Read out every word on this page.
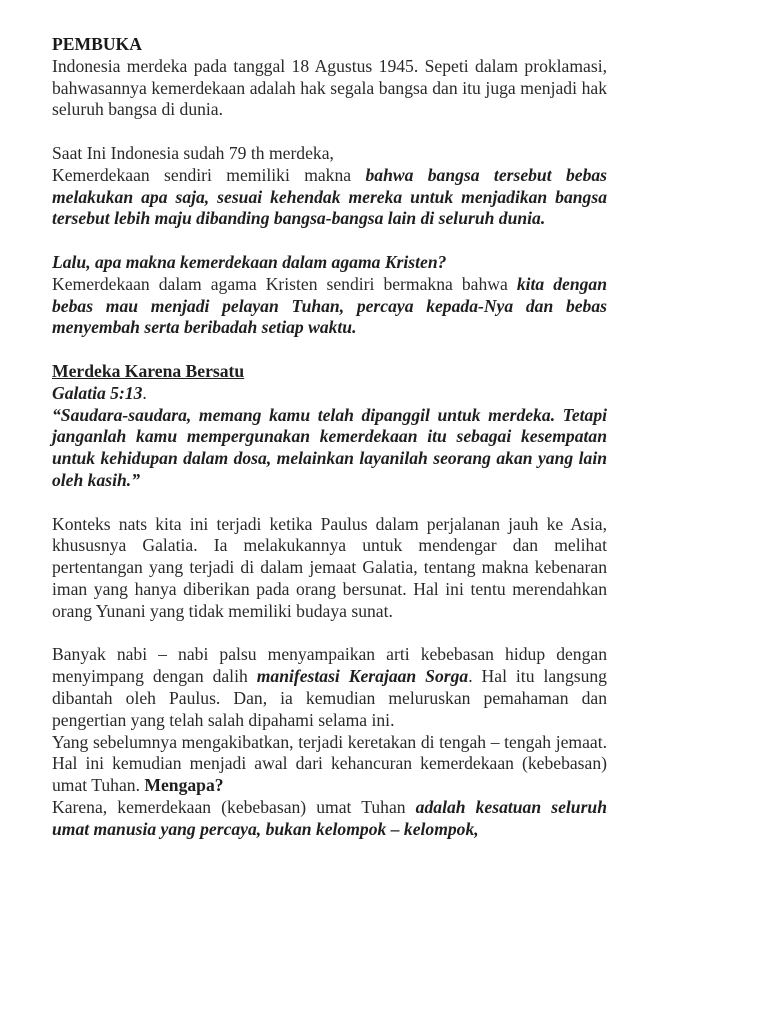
PEMBUKA

Indonesia merdeka pada tanggal 18 Agustus 1945. Sepeti dalam proklamasi, bahwasannya kemerdekaan adalah hak segala bangsa dan itu juga menjadi hak seluruh bangsa di dunia.

Saat Ini Indonesia sudah 79 th merdeka,

Kemerdekaan sendiri memiliki makna bahwa bangsa tersebut bebas melakukan apa saja, sesuai kehendak mereka untuk menjadikan bangsa tersebut lebih maju dibanding bangsa-bangsa lain di seluruh dunia.

Lalu, apa makna kemerdekaan dalam agama Kristen?

Kemerdekaan dalam agama Kristen sendiri bermakna bahwa kita dengan bebas mau menjadi pelayan Tuhan, percaya kepada-Nya dan bebas menyembah serta beribadah setiap waktu.

Merdeka Karena Bersatu

Galatia 5:13.

“Saudara-saudara, memang kamu telah dipanggil untuk merdeka. Tetapi janganlah kamu mempergunakan kemerdekaan itu sebagai kesempatan untuk kehidupan dalam dosa, melainkan layanilah seorang akan yang lain oleh kasih.”

Konteks nats kita ini terjadi ketika Paulus dalam perjalanan jauh ke Asia, khususnya Galatia. Ia melakukannya untuk mendengar dan melihat pertentangan yang terjadi di dalam jemaat Galatia, tentang makna kebenaran iman yang hanya diberikan pada orang bersunat. Hal ini tentu merendahkan orang Yunani yang tidak memiliki budaya sunat.

Banyak nabi – nabi palsu menyampaikan arti kebebasan hidup dengan menyimpang dengan dalih manifestasi Kerajaan Sorga. Hal itu langsung dibantah oleh Paulus. Dan, ia kemudian meluruskan pemahaman dan pengertian yang telah salah dipahami selama ini.

Yang sebelumnya mengakibatkan, terjadi keretakan di tengah – tengah jemaat. Hal ini kemudian menjadi awal dari kehancuran kemerdekaan (kebebasan) umat Tuhan. Mengapa?

Karena, kemerdekaan (kebebasan) umat Tuhan adalah kesatuan seluruh umat manusia yang percaya, bukan kelompok – kelompok,
